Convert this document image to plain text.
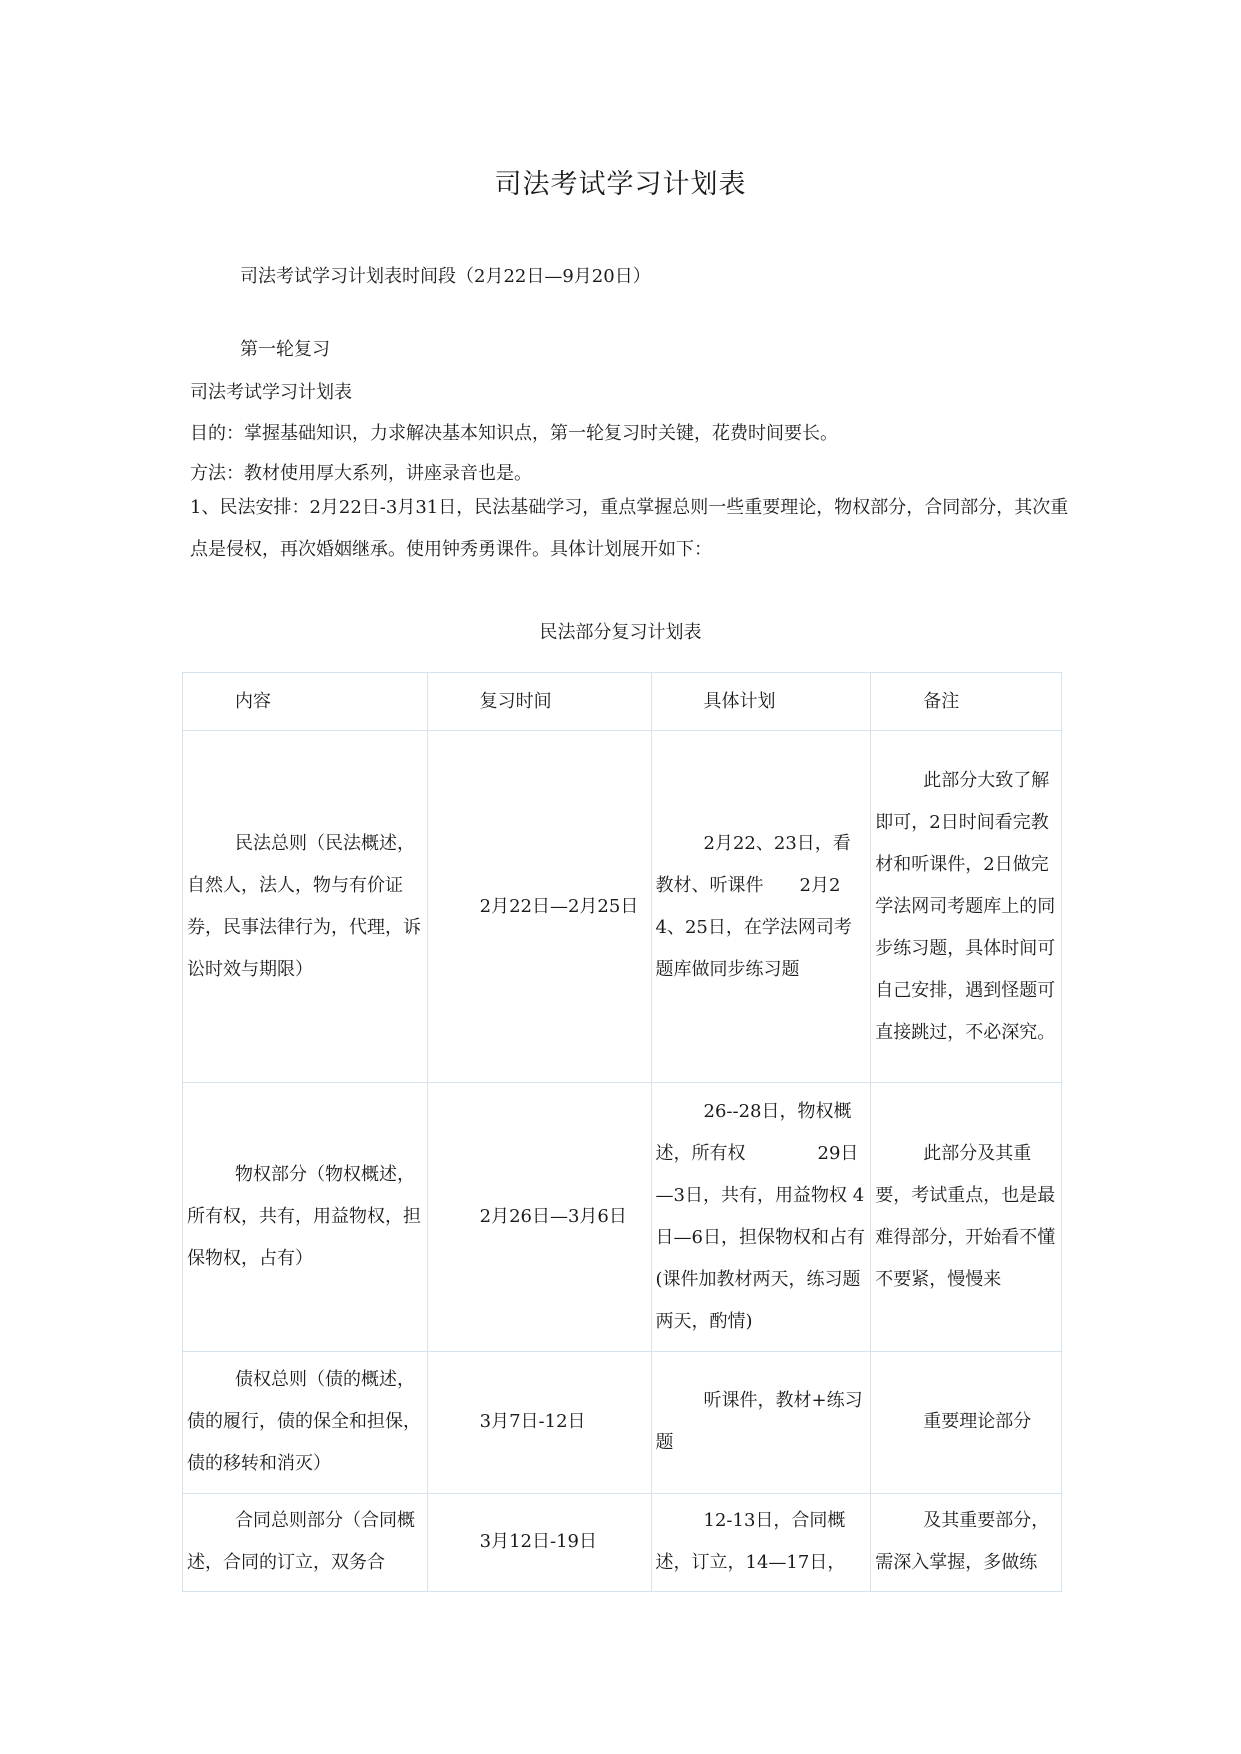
司法考试学习计划表
司法考试学习计划表时间段（2月22日—9月20日）
第一轮复习
司法考试学习计划表
目的：掌握基础知识，力求解决基本知识点，第一轮复习时关键，花费时间要长。
方法：教材使用厚大系列，讲座录音也是。
1、民法安排：2月22日-3月31日，民法基础学习，重点掌握总则一些重要理论，物权部分，合同部分，其次重点是侵权，再次婚姻继承。使用钟秀勇课件。具体计划展开如下：
民法部分复习计划表
内容	复习时间	具体计划	备注
民法总则（民法概述，自然人，法人，物与有价证券，民事法律行为，代理，诉讼时效与期限）	2月22日—2月25日	2月22、23日，看教材、听课件　　2月24、25日，在学法网司考题库做同步练习题	此部分大致了解即可，2日时间看完教材和听课件，2日做完学法网司考题库上的同步练习题，具体时间可自己安排，遇到怪题可直接跳过，不必深究。
物权部分（物权概述，所有权，共有，用益物权，担保物权，占有）	2月26日—3月6日	26--28日，物权概述，所有权　　　　29日—3日，共有，用益物权 4日—6日，担保物权和占有(课件加教材两天，练习题两天，酌情)	此部分及其重要，考试重点，也是最难得部分，开始看不懂不要紧，慢慢来
债权总则（债的概述，债的履行，债的保全和担保，债的移转和消灭）	3月7日-12日	听课件，教材+练习题	重要理论部分
合同总则部分（合同概述，合同的订立，双务合	3月12日-19日	12-13日，合同概述，订立，14—17日，	及其重要部分，需深入掌握，多做练
